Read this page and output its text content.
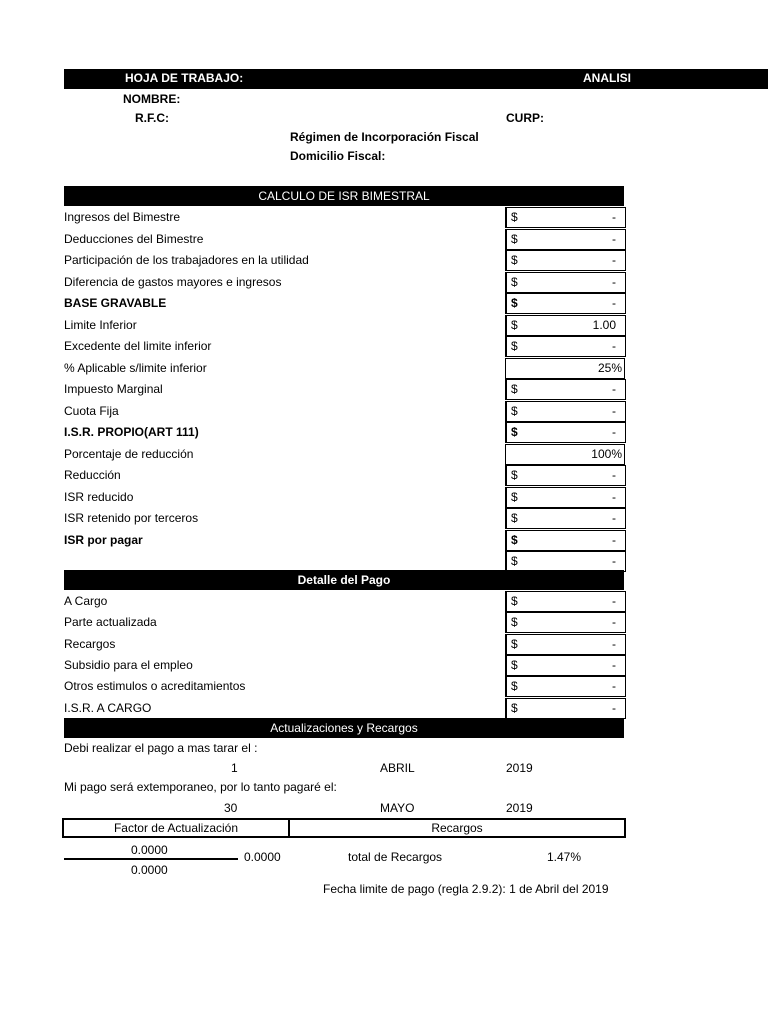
HOJA DE TRABAJO:	ANALISI
NOMBRE:
R.F.C:	CURP:
Régimen de Incorporación Fiscal
Domicilio Fiscal:
CALCULO DE ISR BIMESTRAL
Ingresos del Bimestre	$	-
Deducciones del Bimestre	$	-
Participación de los trabajadores en la utilidad	$	-
Diferencia de gastos mayores e ingresos	$	-
BASE GRAVABLE	$	-
Limite Inferior	$	1.00
Excedente del limite inferior	$	-
% Aplicable s/limite inferior	25%
Impuesto Marginal	$	-
Cuota Fija	$	-
I.S.R. PROPIO(ART 111)	$	-
Porcentaje de reducción	100%
Reducción	$	-
ISR reducido	$	-
ISR retenido por terceros	$	-
ISR por pagar	$	-
$	-
Detalle del Pago
A Cargo	$	-
Parte actualizada	$	-
Recargos	$	-
Subsidio para el empleo	$	-
Otros estimulos o acreditamientos	$	-
I.S.R. A CARGO	$	-
Actualizaciones y Recargos
Debi realizar el pago a mas tarar el :
1	ABRIL	2019
Mi pago será extemporaneo, por lo tanto pagaré el:
30	MAYO	2019
Factor de Actualización	Recargos
0.0000
0.0000
0.0000	total de Recargos	1.47%
Fecha limite de pago (regla 2.9.2): 1 de Abril del 2019
